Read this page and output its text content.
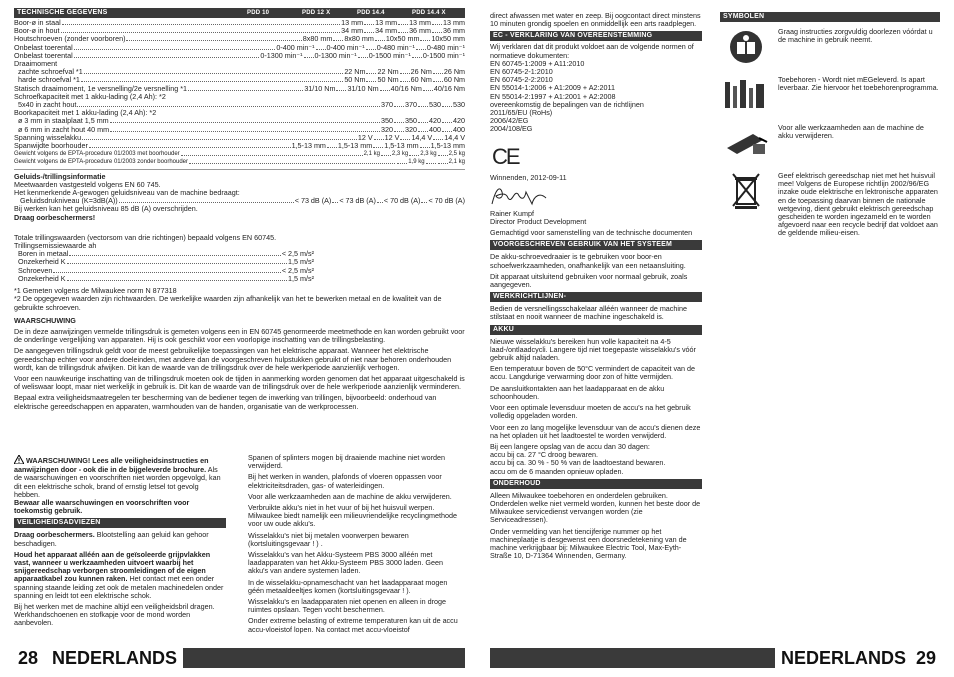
TECHNISCHE GEGEVENS	PDD 10	PDD 12 X	PDD 14.4	PDD 14.4 X
Boor-ø in staal	13 mm 13 mm 13 mm 13 mm
Boor-ø in hout	34 mm 34 mm 36 mm 36 mm
Houtschroeven (zonder voorboren)	8x80 mm 8x80 mm 10x50 mm 10x50 mm
Onbelast toerental	0-400 min⁻¹ 0-400 min⁻¹ 0-480 min⁻¹ 0-480 min⁻¹
Onbelast toerental	0-1300 min⁻¹ 0-1300 min⁻¹ 0-1500 min⁻¹ 0-1500 min⁻¹
Draaimoment
zachte schroefval *1	22 Nm 22 Nm 26 Nm 26 Nm
harde schroefval *1	50 Nm 50 Nm 60 Nm 60 Nm
Statisch draaimoment, 1e versnelling/2e versnelling *1	31/10 Nm 31/10 Nm 40/16 Nm 40/16 Nm
Schroefkapaciteit met 1 akku-lading (2,4 Ah): *2
5x40 in zacht hout	370 370 530 530
Boorkapaciteit met 1 akku-lading (2,4 Ah): *2
ø 3 mm in staalplaat 1,5 mm	350 350 420 420
ø 6 mm in zacht hout 40 mm	320 320 400 400
Spanning wisselakku	12 V 12 V 14,4 V 14,4 V
Spanwijdte boorhouder	1,5-13 mm 1,5-13 mm 1,5-13 mm 1,5-13 mm
Gewicht volgens de EPTA-procedure 01/2003 met boorhouder	2,1 kg 2,3 kg 2,3 kg 2,5 kg
Gewicht volgens de EPTA-procedure 01/2003 zonder boorhouder	1,9 kg	2,1 kg
Geluids-/trillingsinformatie
Meetwaarden vastgesteld volgens EN 60 745.
Het kenmerkende A-gewogen geluidsniveau van de machine bedraagt:
Geluidsdrukniveau (K=3dB(A))	< 73 dB (A) < 73 dB (A) < 70 dB (A) < 70 dB (A)
Bij werken kan het geluidsniveau 85 dB (A) overschrijden.
Draag oorbeschermers!
Totale trillingswaarden (vectorsom van drie richtingen) bepaald volgens EN 60745.
Trillingsemissiewaarde ah
Boren in metaal	< 2,5 m/s²
Onzekerheid K	1,5 m/s²
Schroeven	< 2,5 m/s²
Onzekerheid K	1,5 m/s²
*1 Gemeten volgens de Milwaukee norm N 877318
*2 De opgegeven waarden zijn richtwaarden. De werkelijke waarden zijn afhankelijk van het te bewerken metaal en de kwaliteit van de gebruikte schroeven.

WAARSCHUWING

De in deze aanwijzingen vermelde trillingsdruk is gemeten volgens een in EN 60745 genormeerde meetmethode en kan worden gebruikt voor de onderlinge vergelijking van apparaten. Hij is ook geschikt voor een voorlopige inschatting van de trillingsbelasting.

De aangegeven trillingsdruk geldt voor de meest gebruikelijke toepassingen van het elektrische apparaat. Wanneer het elektrische gereedschap echter voor andere doeleinden, met andere dan de voorgeschreven hulpstukken gebruikt of niet naar behoren onderhouden wordt, kan de trillingsdruk afwijken. Dit kan de waarde van de trillingsdruk over de hele werkperiode aanzienlijk verhogen.

Voor een nauwkeurige inschatting van de trillingsdruk moeten ook de tijden in aanmerking worden genomen dat het apparaat uitgeschakeld is of weliswaar loopt, maar niet werkelijk in gebruik is. Dit kan de waarde van de trillingsdruk over de hele werkperiode aanzienlijk verminderen.

Bepaal extra veiligheidsmaatregelen ter bescherming van de bediener tegen de inwerking van trillingen, bijvoorbeeld: onderhoud van elektrische gereedschappen en apparaten, warmhouden van de handen, organisatie van de werkprocessen.

WAARSCHUWING! Lees alle veiligheidsinstructies en aanwijzingen door - ook die in de bijgeleverde brochure. Als de waarschuwingen en voorschriften niet worden opgevolgd, kan dit een elektrische schok, brand of ernstig letsel tot gevolg hebben.
Bewaar alle waarschuwingen en voorschriften voor toekomstig gebruik.

VEILIGHEIDSADVIEZEN

Draag oorbeschermers. Blootstelling aan geluid kan gehoor beschadigen.

Houd het apparaat alléén aan de geïsoleerde grijpvlakken vast, wanneer u werkzaamheden uitvoert waarbij het snijgereedschap verborgen stroomleidingen of de eigen apparaatkabel zou kunnen raken. Het contact met een onder spanning staande leiding zet ook de metalen machinedelen onder spanning en leidt tot een elektrische schok.

Bij het werken met de machine altijd een veiligheidsbril dragen. Werkhandschoenen en stofkapje voor de mond worden aanbevolen.

Spanen of splinters mogen bij draaiende machine niet worden verwijderd.

Bij het werken in wanden, plafonds of vloeren oppassen voor elektriciteitsdraden, gas- of waterleidingen.

Voor alle werkzaamheden aan de machine de akku verwijderen.

Verbruikte akku's niet in het vuur of bij het huisvuil werpen. Milwaukee biedt namelijk een milieuvriendelijke recyclingmethode voor uw oude akku's.

Wisselakku's niet bij metalen voorwerpen bewaren (kortsluitingsgevaar ! ) .

Wisselakku's van het Akku-Systeem PBS 3000 alléén met laadapparaten van het Akku-Systeem PBS 3000 laden. Geen akku's van andere systemen laden.

In de wisselakku-opnameschacht van het laadapparaat mogen géén metaaldeeltjes komen (kortsluitingsgevaar ! ).

Wisselakku's en laadapparaten niet openen en alleen in droge ruimtes opslaan. Tegen vocht beschermen.

Onder extreme belasting of extreme temperaturen kan uit de accu accu-vloeistof lopen. Na contact met accu-vloeistof

28 NEDERLANDS

direct afwassen met water en zeep. Bij oogcontact direct minstens 10 minuten grondig spoelen en onmiddellijk een arts raadplegen.

EC - VERKLARING VAN OVEREENSTEMMING
Wij verklaren dat dit produkt voldoet aan de volgende normen of normatieve dokumenten:
EN 60745-1:2009 + A11:2010
EN 60745-2-1:2010
EN 60745-2-2:2010
EN 55014-1:2006 + A1:2009 + A2:2011
EN 55014-2:1997 + A1:2001 + A2:2008
overeenkomstig de bepalingen van de richtlijnen
2011/65/EU (RoHs)
2006/42/EG
2004/108/EG
CE
Winnenden, 2012-09-11
Rainer Kumpf
Director Product Development

Gemachtigd voor samenstelling van de technische documenten

VOORGESCHREVEN GEBRUIK VAN HET SYSTEEM

De akku-schroevedraaier is te gebruiken voor boor-en schoefwerkzaamheden, onafhankelijk van een netaansluiting.

Dit apparaat uitsluitend gebruiken voor normaal gebruik, zoals aangegeven.

WERKRICHTLIJNEN-

Bedien de versnellingsschakelaar alléén wanneer de machine stilstaat en nooit wanneer de machine ingeschakeld is.

AKKU

Nieuwe wisselakku's bereiken hun volle kapaciteit na 4-5 laad-/ontlaadcycli. Langere tijd niet toegepaste wisselakku's vóór gebruik altijd naladen.

Een temperatuur boven de 50°C vermindert de capaciteit van de accu. Langdurige verwarming door zon of hitte vermijden.

De aansluitkontakten aan het laadapparaat en de akku schoonhouden.

Voor een optimale levensduur moeten de accu's na het gebruik volledig opgeladen worden.

Voor een zo lang mogelijke levensduur van de accu's dienen deze na het opladen uit het laadtoestel te worden verwijderd.

Bij een langere opslag van de accu dan 30 dagen:
accu bij ca. 27 °C droog bewaren.
accu bij ca. 30 % - 50 % van de laadtoestand bewaren.
accu om de 6 maanden opnieuw opladen.

ONDERHOUD

Alleen Milwaukee toebehoren en onderdelen gebruiken. Onderdelen welke niet vermeld worden, kunnen het beste door de Milwaukee servicedienst vervangen worden (zie Serviceadressen).

Onder vermelding van het tiencijferige nummer op het machineplaatje is desgewenst een doorsnedetekening van de machine verkrijgbaar bij: Milwaukee Electric Tool, Max-Eyth-Straße 10, D-71364 Winnenden, Germany.

SYMBOLEN
Graag instructies zorgvuldig doorlezen vóórdat u de machine in gebruik neemt.
Toebehoren - Wordt niet mEGeleverd. Is apart leverbaar. Zie hiervoor het toebehorenprogramma.
Voor alle werkzaamheden aan de machine de akku verwijderen.
Geef elektrisch gereedschap niet met het huisvuil mee! Volgens de Europese richtlijn 2002/96/EG inzake oude elektrische en lektronische apparaten en de toepassing daarvan binnen de nationale wetgeving, dient gebruikt elektrisch gereedschap gescheiden te worden ingezameld en te worden afgevoerd naar een recycle bedrijf dat voldoet aan de geldende milieu-eisen.
NEDERLANDS 29
